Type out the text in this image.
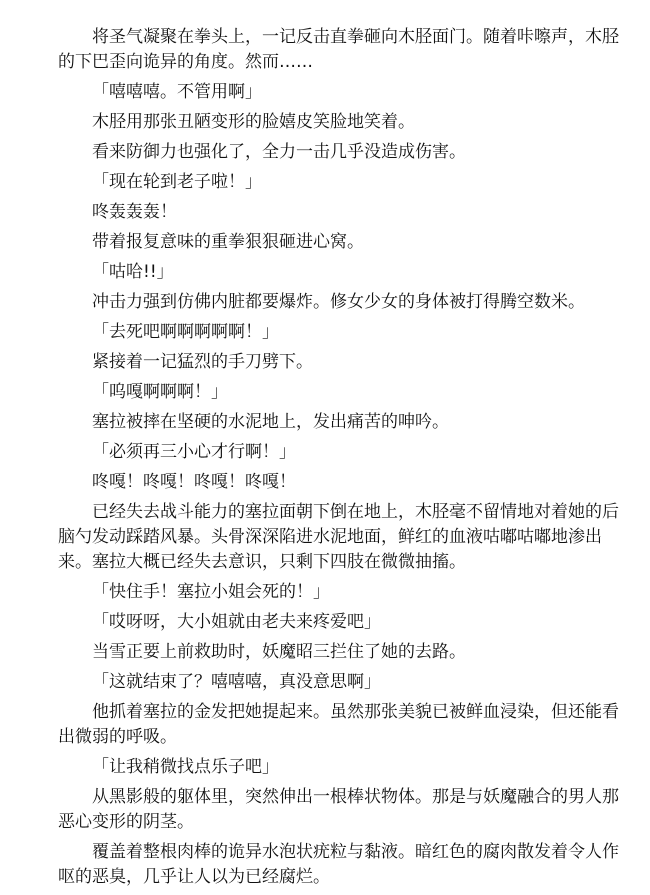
将圣气凝聚在拳头上，一记反击直拳砸向木胫面门。随着咔嚓声，木胫的下巴歪向诡异的角度。然而……

「嘻嘻嘻。不管用啊」

木胫用那张丑陋变形的脸嬉皮笑脸地笑着。

看来防御力也强化了，全力一击几乎没造成伤害。

「现在轮到老子啦！」

咚轰轰轰！

带着报复意味的重拳狠狠砸进心窝。

「咕哈!!」

冲击力强到仿佛内脏都要爆炸。修女少女的身体被打得腾空数米。

「去死吧啊啊啊啊啊！」

紧接着一记猛烈的手刀劈下。

「呜嘎啊啊啊！」

塞拉被摔在坚硬的水泥地上，发出痛苦的呻吟。

「必须再三小心才行啊！」

咚嘎！咚嘎！咚嘎！咚嘎！

已经失去战斗能力的塞拉面朝下倒在地上，木胫毫不留情地对着她的后脑勺发动踩踏风暴。头骨深深陷进水泥地面，鲜红的血液咕嘟咕嘟地渗出来。塞拉大概已经失去意识，只剩下四肢在微微抽搐。

「快住手！塞拉小姐会死的！」

「哎呀呀，大小姐就由老夫来疼爱吧」

当雪正要上前救助时，妖魔昭三拦住了她的去路。

「这就结束了？嘻嘻嘻，真没意思啊」

他抓着塞拉的金发把她提起来。虽然那张美貌已被鲜血浸染，但还能看出微弱的呼吸。

「让我稍微找点乐子吧」

从黑影般的躯体里，突然伸出一根棒状物体。那是与妖魔融合的男人那恶心变形的阴茎。

覆盖着整根肉棒的诡异水泡状疣粒与黏液。暗红色的腐肉散发着令人作呕的恶臭，几乎让人以为已经腐烂。
